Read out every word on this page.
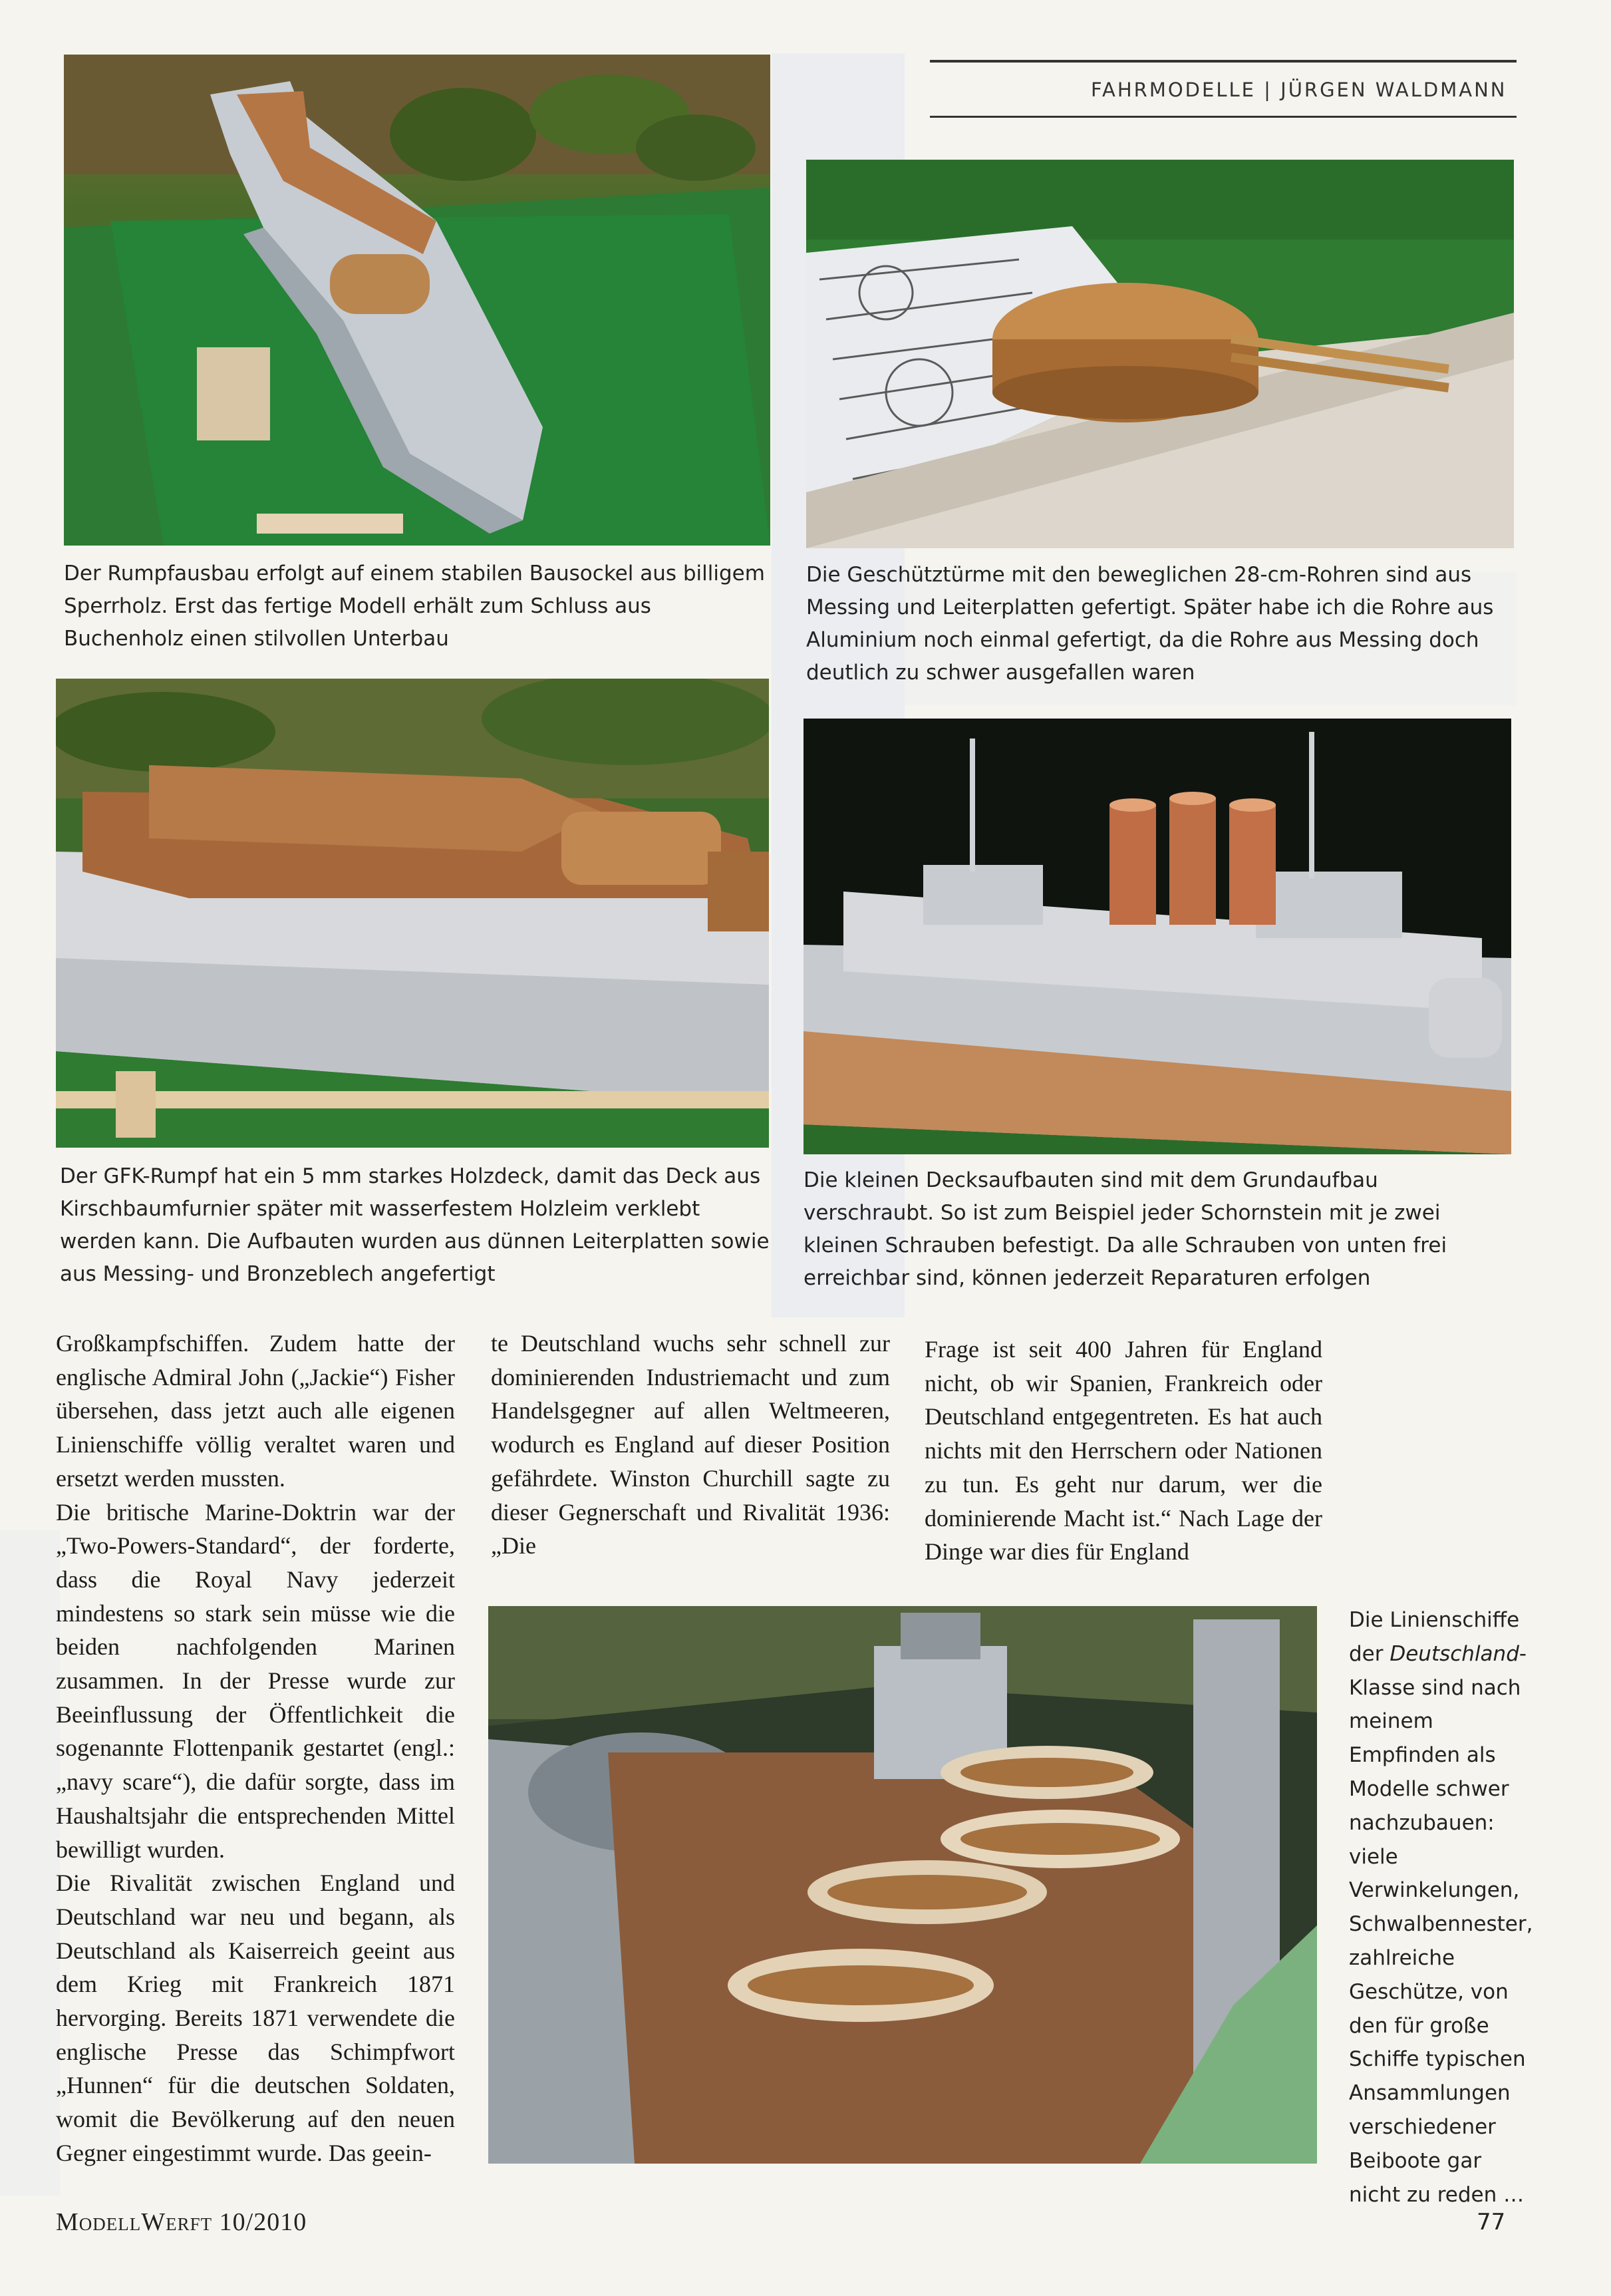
FAHRMODELLE | JÜRGEN WALDMANN

Der Rumpfausbau erfolgt auf einem stabilen Bausockel aus billigem Sperrholz. Erst das fertige Modell erhält zum Schluss aus Buchenholz einen stilvollen Unterbau

Die Geschütztürme mit den beweglichen 28-cm-Rohren sind aus Messing und Leiterplatten gefertigt. Später habe ich die Rohre aus Aluminium noch einmal gefertigt, da die Rohre aus Messing doch deutlich zu schwer ausgefallen waren

Der GFK-Rumpf hat ein 5 mm starkes Holzdeck, damit das Deck aus Kirschbaumfurnier später mit wasserfestem Holzleim verklebt werden kann. Die Aufbauten wurden aus dünnen Leiterplatten sowie aus Messing- und Bronzeblech angefertigt

Die kleinen Decksaufbauten sind mit dem Grundaufbau verschraubt. So ist zum Beispiel jeder Schornstein mit je zwei kleinen Schrauben befestigt. Da alle Schrauben von unten frei erreichbar sind, können jederzeit Reparaturen erfolgen

Großkampfschiffen. Zudem hatte der englische Admiral John („Jackie“) Fisher übersehen, dass jetzt auch alle eigenen Linienschiffe völlig veraltet waren und ersetzt werden mussten.

Die britische Marine-Doktrin war der „Two-Powers-Standard“, der forderte, dass die Royal Navy jederzeit mindestens so stark sein müsse wie die beiden nachfolgenden Marinen zusammen. In der Presse wurde zur Beeinflussung der Öffentlichkeit die sogenannte Flottenpanik gestartet (engl.: „navy scare“), die dafür sorgte, dass im Haushaltsjahr die entsprechenden Mittel bewilligt wurden.

Die Rivalität zwischen England und Deutschland war neu und begann, als Deutschland als Kaiserreich geeint aus dem Krieg mit Frankreich 1871 hervorging. Bereits 1871 verwendete die englische Presse das Schimpfwort „Hunnen“ für die deutschen Soldaten, womit die Bevölkerung auf den neuen Gegner eingestimmt wurde. Das geein-

te Deutschland wuchs sehr schnell zur dominierenden Industriemacht und zum Handelsgegner auf allen Weltmeeren, wodurch es England auf dieser Position gefährdete. Winston Churchill sagte zu dieser Gegnerschaft und Rivalität 1936: „Die

Frage ist seit 400 Jahren für England nicht, ob wir Spanien, Frankreich oder Deutschland entgegentreten. Es hat auch nichts mit den Herrschern oder Nationen zu tun. Es geht nur darum, wer die dominierende Macht ist.“ Nach Lage der Dinge war dies für England

Die Linienschiffe der Deutschland-Klasse sind nach meinem Empfinden als Modelle schwer nachzubauen: viele Verwinkelungen, Schwalbennester, zahlreiche Geschütze, von den für große Schiffe typischen Ansammlungen verschiedener Beiboote gar nicht zu reden …

ModellWerft 10/2010	77
